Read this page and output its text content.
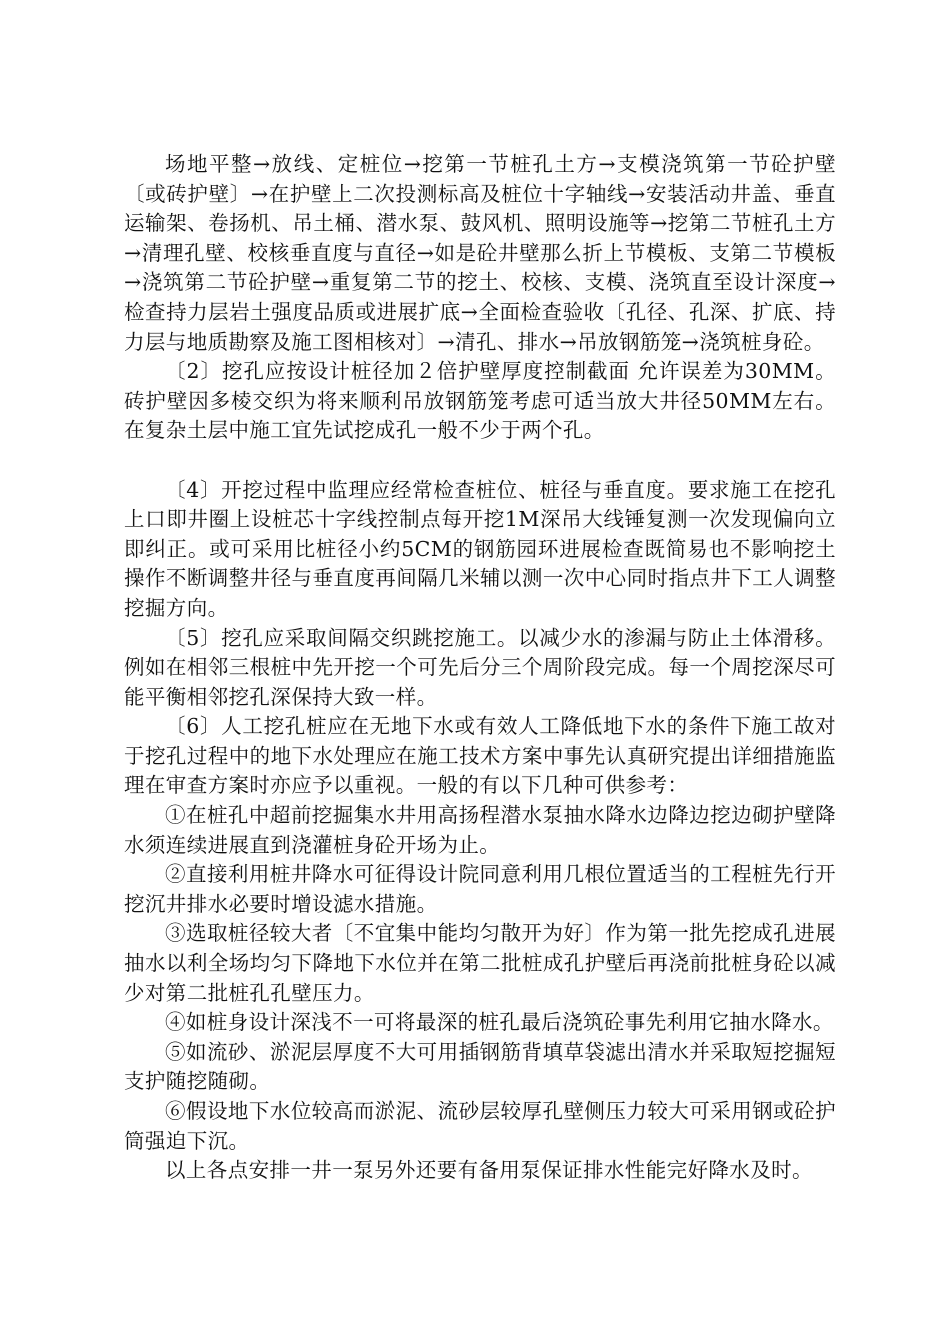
场地平整→放线、定桩位→挖第一节桩孔土方→支模浇筑第一节砼护壁〔或砖护壁〕→在护壁上二次投测标高及桩位十字轴线→安装活动井盖、垂直运输架、卷扬机、吊土桶、潜水泵、鼓风机、照明设施等→挖第二节桩孔土方→清理孔壁、校核垂直度与直径→如是砼井壁那么折上节模板、支第二节模板→浇筑第二节砼护壁→重复第二节的挖土、校核、支模、浇筑直至设计深度→检查持力层岩土强度品质或进展扩底→全面检查验收〔孔径、孔深、扩底、持力层与地质勘察及施工图相核对〕→清孔、排水→吊放钢筋笼→浇筑桩身砼。

〔2〕挖孔应按设计桩径加２倍护壁厚度控制截面 允许误差为30MM。砖护壁因多棱交织为将来顺利吊放钢筋笼考虑可适当放大井径50MM左右。在复杂土层中施工宜先试挖成孔一般不少于两个孔。

〔4〕开挖过程中监理应经常检查桩位、桩径与垂直度。要求施工在挖孔上口即井圈上设桩芯十字线控制点每开挖1M深吊大线锤复测一次发现偏向立即纠正。或可采用比桩径小约5CM的钢筋园环进展检查既简易也不影响挖土操作不断调整井径与垂直度再间隔几米辅以测一次中心同时指点井下工人调整挖掘方向。

〔5〕挖孔应采取间隔交织跳挖施工。以减少水的渗漏与防止土体滑移。例如在相邻三根桩中先开挖一个可先后分三个周阶段完成。每一个周挖深尽可能平衡相邻挖孔深保持大致一样。

〔6〕人工挖孔桩应在无地下水或有效人工降低地下水的条件下施工故对于挖孔过程中的地下水处理应在施工技术方案中事先认真研究提出详细措施监理在审查方案时亦应予以重视。一般的有以下几种可供参考：

①在桩孔中超前挖掘集水井用高扬程潜水泵抽水降水边降边挖边砌护壁降水须连续进展直到浇灌桩身砼开场为止。

②直接利用桩井降水可征得设计院同意利用几根位置适当的工程桩先行开挖沉井排水必要时增设滤水措施。

③选取桩径较大者〔不宜集中能均匀散开为好〕作为第一批先挖成孔进展抽水以利全场均匀下降地下水位并在第二批桩成孔护壁后再浇前批桩身砼以减少对第二批桩孔孔壁压力。

④如桩身设计深浅不一可将最深的桩孔最后浇筑砼事先利用它抽水降水。

⑤如流砂、淤泥层厚度不大可用插钢筋背填草袋滤出清水并采取短挖掘短支护随挖随砌。

⑥假设地下水位较高而淤泥、流砂层较厚孔壁侧压力较大可采用钢或砼护筒强迫下沉。

以上各点安排一井一泵另外还要有备用泵保证排水性能完好降水及时。
